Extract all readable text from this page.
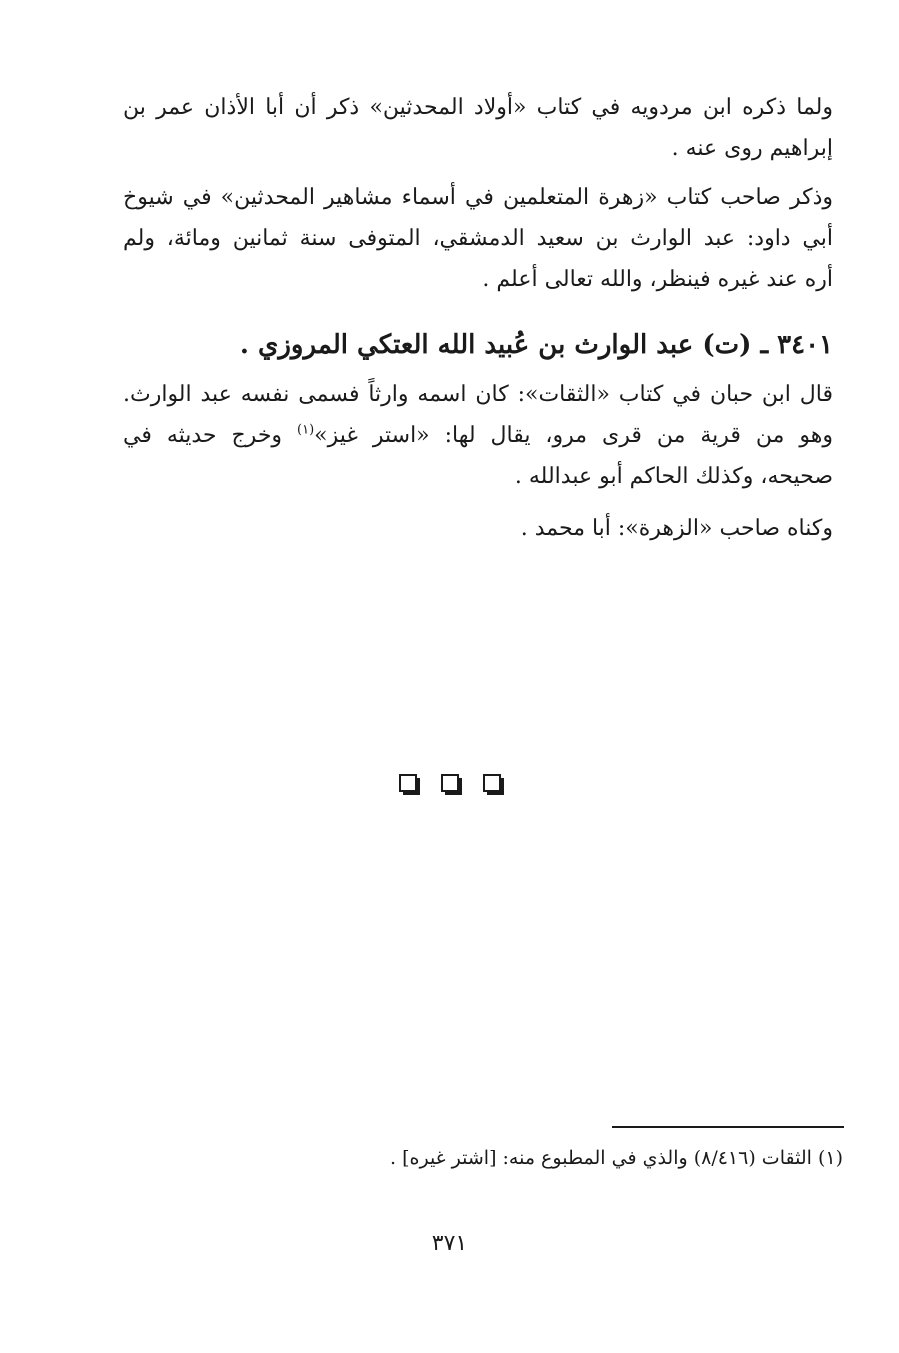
ولما ذكره ابن مردويه في كتاب «أولاد المحدثين» ذكر أن أبا الأذان عمر بن
إبراهيم روى عنه .
وذكر صاحب كتاب «زهرة المتعلمين في أسماء مشاهير المحدثين» في شيوخ
أبي داود: عبد الوارث بن سعيد الدمشقي، المتوفى سنة ثمانين ومائة، ولم
أره عند غيره فينظر، والله تعالى أعلم .
٣٤٠١ ـ (ت) عبد الوارث بن عُبيد الله العتكي المروزي .
قال ابن حبان في كتاب «الثقات»: كان اسمه وارثاً فسمى نفسه عبد الوارث.
وهو من قرية من قرى مرو، يقال لها: «استر غيز»$^{(١)}$ وخرج حديثه في
صحيحه، وكذلك الحاكم أبو عبدالله .
وكناه صاحب «الزهرة»: أبا محمد .
(١) الثقات (٨/٤١٦) والذي في المطبوع منه: [اشتر غيره] .
٣٧١
